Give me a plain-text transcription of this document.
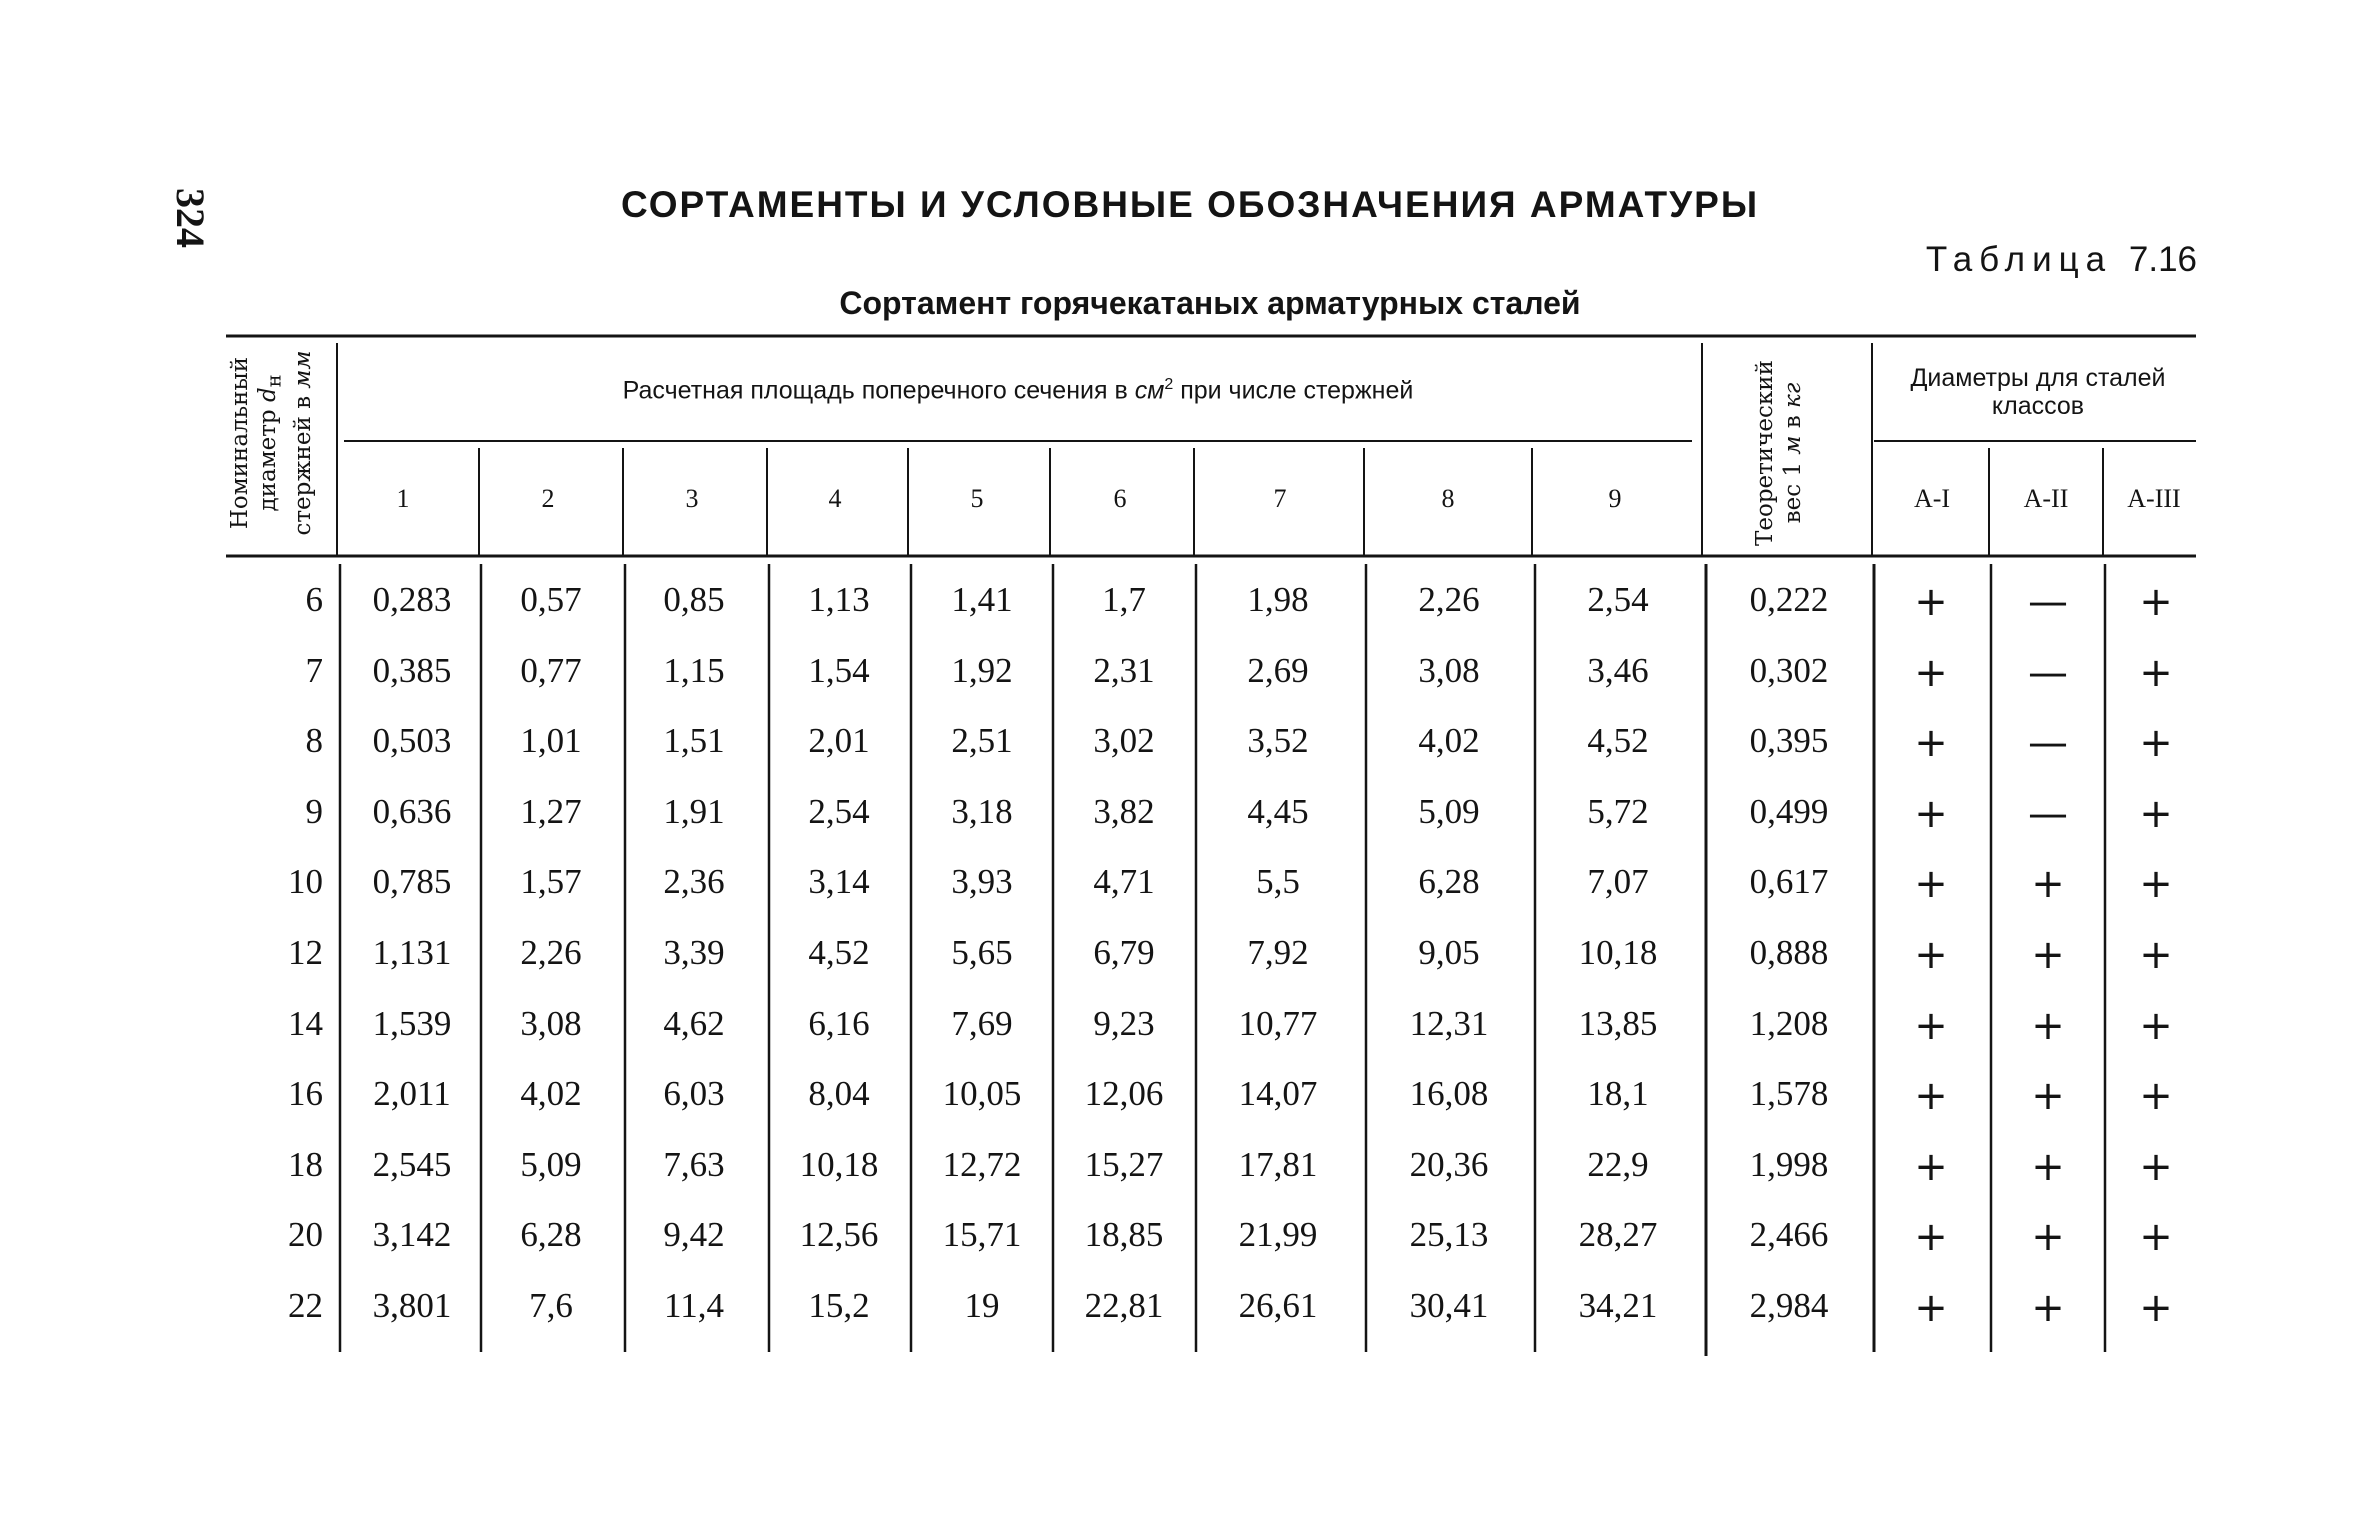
324	СОРТАМЕНТЫ И УСЛОВНЫЕ ОБОЗНАЧЕНИЯ АРМАТУРЫ
Таблица 7.16
Сортамент горячекатаных арматурных сталей
Номинальный диаметр $d_н$
стержней в мм
Расчетная площадь поперечного сечения в $см^2$ при числе стержней	Теоретический вес 1 м в кг
Диаметры для сталей классов
1	2	3	4	5	6	7	8	9	A-I	A-II	A-III
6	0,283	0,57	0,85	1,13	1,41	1,7	1,98	2,26	2,54	0,222	+	—	+
7	0,385	0,77	1,15	1,54	1,92	2,31	2,69	3,08	3,46	0,302	+	—	+
8	0,503	1,01	1,51	2,01	2,51	3,02	3,52	4,02	4,52	0,395	+	—	+
9	0,636	1,27	1,91	2,54	3,18	3,82	4,45	5,09	5,72	0,499	+	—	+
10	0,785	1,57	2,36	3,14	3,93	4,71	5,5	6,28	7,07	0,617	+	+	+
12	1,131	2,26	3,39	4,52	5,65	6,79	7,92	9,05	10,18	0,888	+	+	+
14	1,539	3,08	4,62	6,16	7,69	9,23	10,77	12,31	13,85	1,208	+	+	+
16	2,011	4,02	6,03	8,04	10,05	12,06	14,07	16,08	18,1	1,578	+	+	+
18	2,545	5,09	7,63	10,18	12,72	15,27	17,81	20,36	22,9	1,998	+	+	+
20	3,142	6,28	9,42	12,56	15,71	18,85	21,99	25,13	28,27	2,466	+	+	+
22	3,801	7,6	11,4	15,2	19	22,81	26,61	30,41	34,21	2,984	+	+	+
